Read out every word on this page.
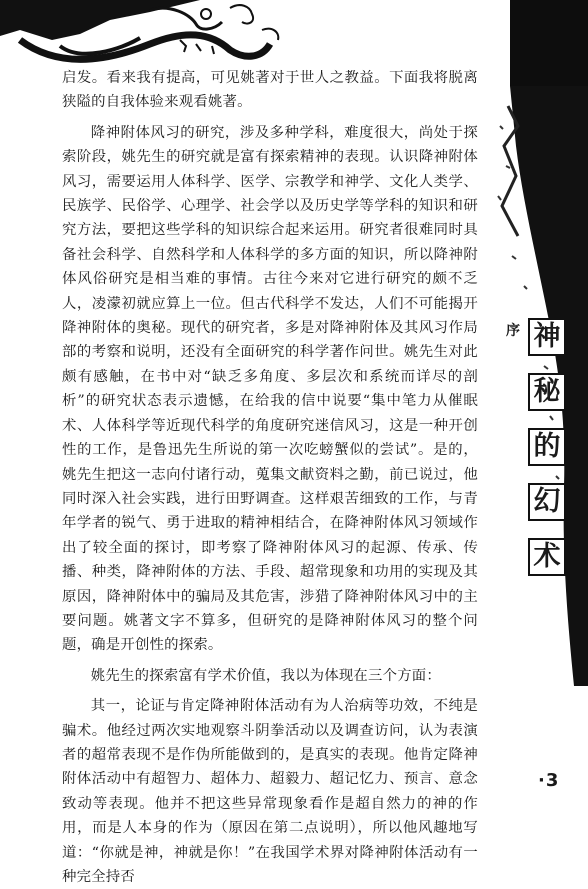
序 神
秘
的
幻
术

启发。看来我有提高，可见姚著对于世人之教益。下面我将脱离狭隘的自我体验来观看姚著。

降神附体风习的研究，涉及多种学科，难度很大，尚处于探索阶段，姚先生的研究就是富有探索精神的表现。认识降神附体风习，需要运用人体科学、医学、宗教学和神学、文化人类学、民族学、民俗学、心理学、社会学以及历史学等学科的知识和研究方法，要把这些学科的知识综合起来运用。研究者很难同时具备社会科学、自然科学和人体科学的多方面的知识，所以降神附体风俗研究是相当难的事情。古往今来对它进行研究的颇不乏人，凌濛初就应算上一位。但古代科学不发达，人们不可能揭开降神附体的奥秘。现代的研究者，多是对降神附体及其风习作局部的考察和说明，还没有全面研究的科学著作问世。姚先生对此颇有感触，在书中对“缺乏多角度、多层次和系统而详尽的剖析”的研究状态表示遗憾，在给我的信中说要“集中笔力从催眠术、人体科学等近现代科学的角度研究迷信风习，这是一种开创性的工作，是鲁迅先生所说的第一次吃螃蟹似的尝试”。是的，姚先生把这一志向付诸行动，蒐集文献资料之勤，前已说过，他同时深入社会实践，进行田野调查。这样艰苦细致的工作，与青年学者的锐气、勇于进取的精神相结合，在降神附体风习领域作出了较全面的探讨，即考察了降神附体风习的起源、传承、传播、种类，降神附体的方法、手段、超常现象和功用的实现及其原因，降神附体中的骗局及其危害，涉猎了降神附体风习中的主要问题。姚著文字不算多，但研究的是降神附体风习的整个问题，确是开创性的探索。

姚先生的探索富有学术价值，我以为体现在三个方面：

其一，论证与肯定降神附体活动有为人治病等功效，不纯是骗术。他经过两次实地观察斗阴拳活动以及调查访问，认为表演者的超常表现不是作伪所能做到的，是真实的表现。他肯定降神附体活动中有超智力、超体力、超毅力、超记忆力、预言、意念致动等表现。他并不把这些异常现象看作是超自然力的神的作用，而是人本身的作为（原因在第二点说明），所以他风趣地写道：“你就是神，神就是你！”在我国学术界对降神附体活动有一种完全持否

· 3
